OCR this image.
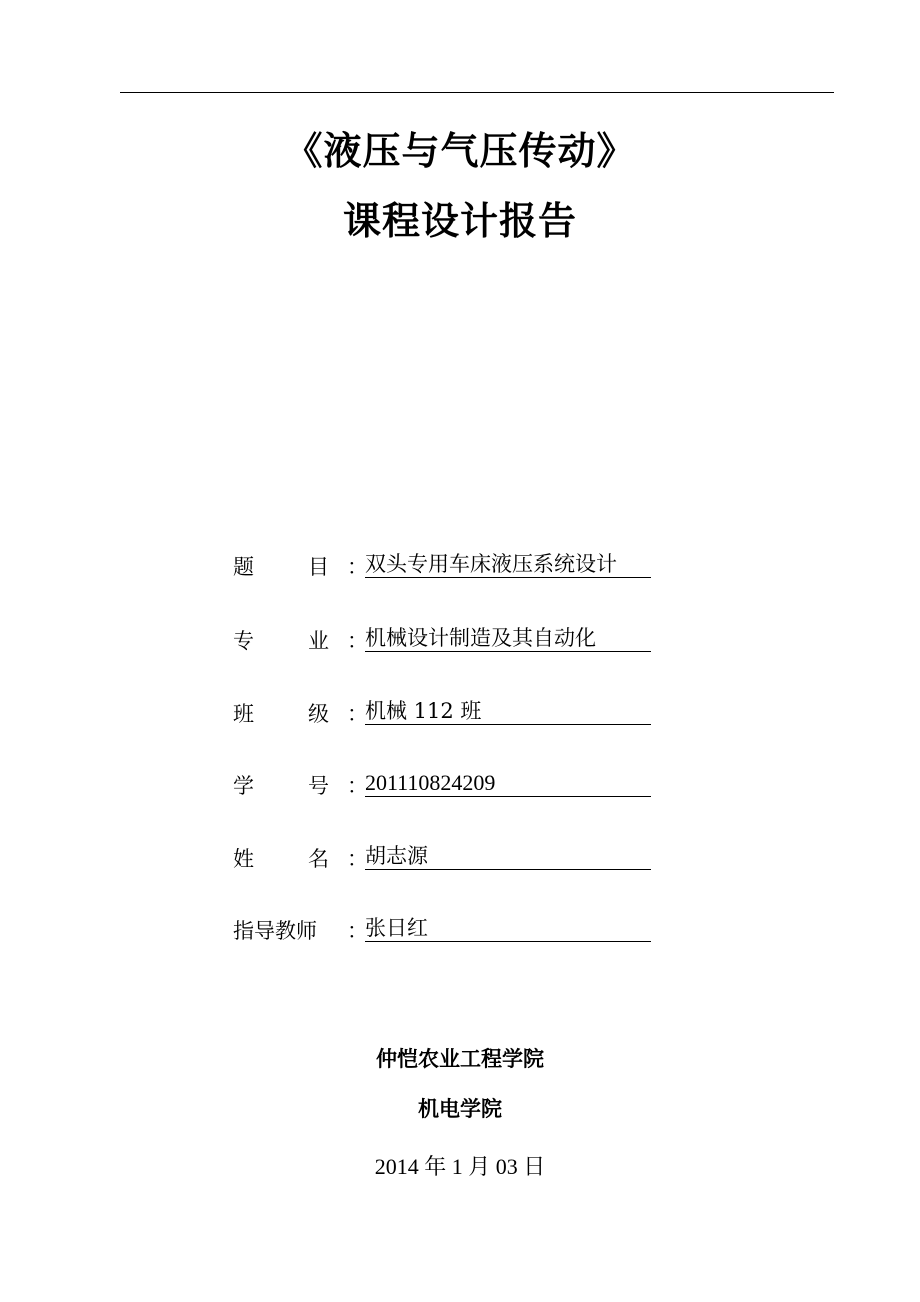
《液压与气压传动》
课程设计报告
题	目 ：
双头专用车床液压系统设计
专	业 ：
机械设计制造及其自动化
班	级 ：
机械 112 班
学	号 ：
201110824209
姓	名 ：
胡志源
指导教师 ：
张日红
仲恺农业工程学院
机电学院
2014 年 1 月 03 日
